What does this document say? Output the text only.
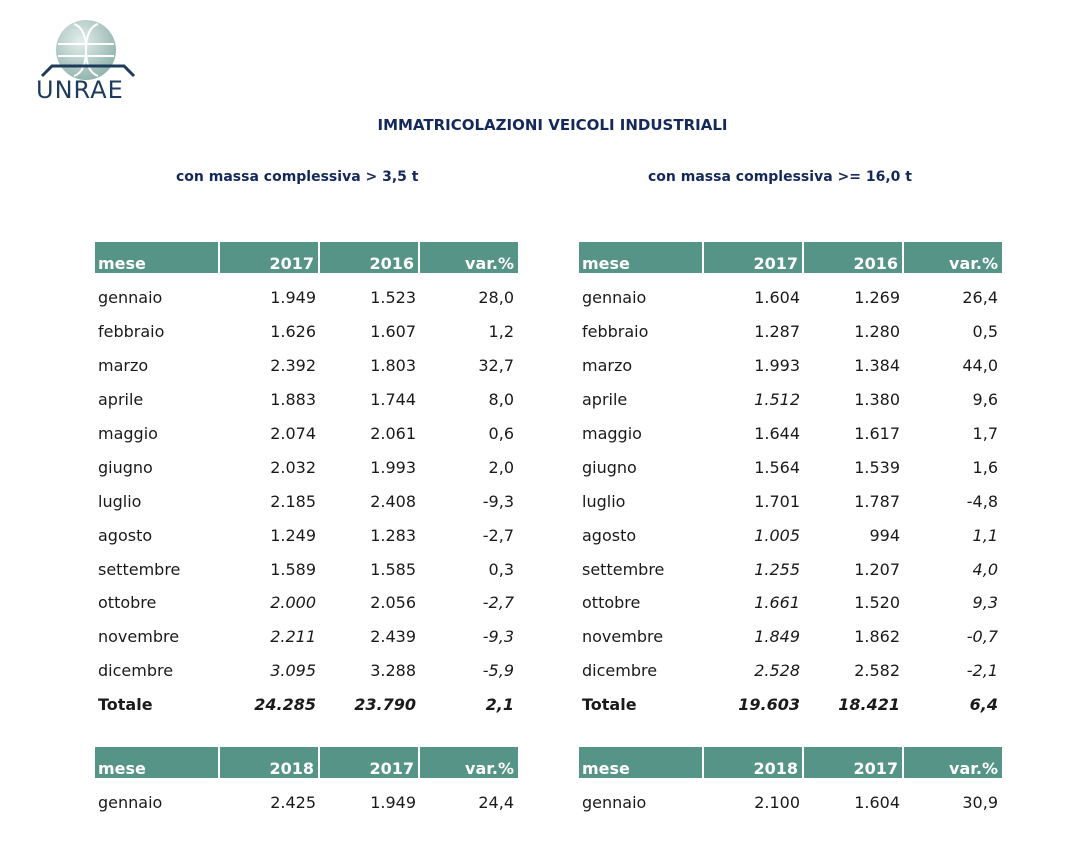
UNRAE
IMMATRICOLAZIONI VEICOLI INDUSTRIALI
con massa complessiva > 3,5 t	con massa complessiva >= 16,0 t
mese	2017	2016	var.%
gennaio	1.949	1.523	28,0
febbraio	1.626	1.607	1,2
marzo	2.392	1.803	32,7
aprile	1.883	1.744	8,0
maggio	2.074	2.061	0,6
giugno	2.032	1.993	2,0
luglio	2.185	2.408	-9,3
agosto	1.249	1.283	-2,7
settembre	1.589	1.585	0,3
ottobre	2.000	2.056	-2,7
novembre	2.211	2.439	-9,3
dicembre	3.095	3.288	-5,9
Totale	24.285	23.790	2,1
mese	2017	2016	var.%
gennaio	1.604	1.269	26,4
febbraio	1.287	1.280	0,5
marzo	1.993	1.384	44,0
aprile	1.512	1.380	9,6
maggio	1.644	1.617	1,7
giugno	1.564	1.539	1,6
luglio	1.701	1.787	-4,8
agosto	1.005	994	1,1
settembre	1.255	1.207	4,0
ottobre	1.661	1.520	9,3
novembre	1.849	1.862	-0,7
dicembre	2.528	2.582	-2,1
Totale	19.603	18.421	6,4
mese	2018	2017	var.%
gennaio	2.425	1.949	24,4
mese	2018	2017	var.%
gennaio	2.100	1.604	30,9
